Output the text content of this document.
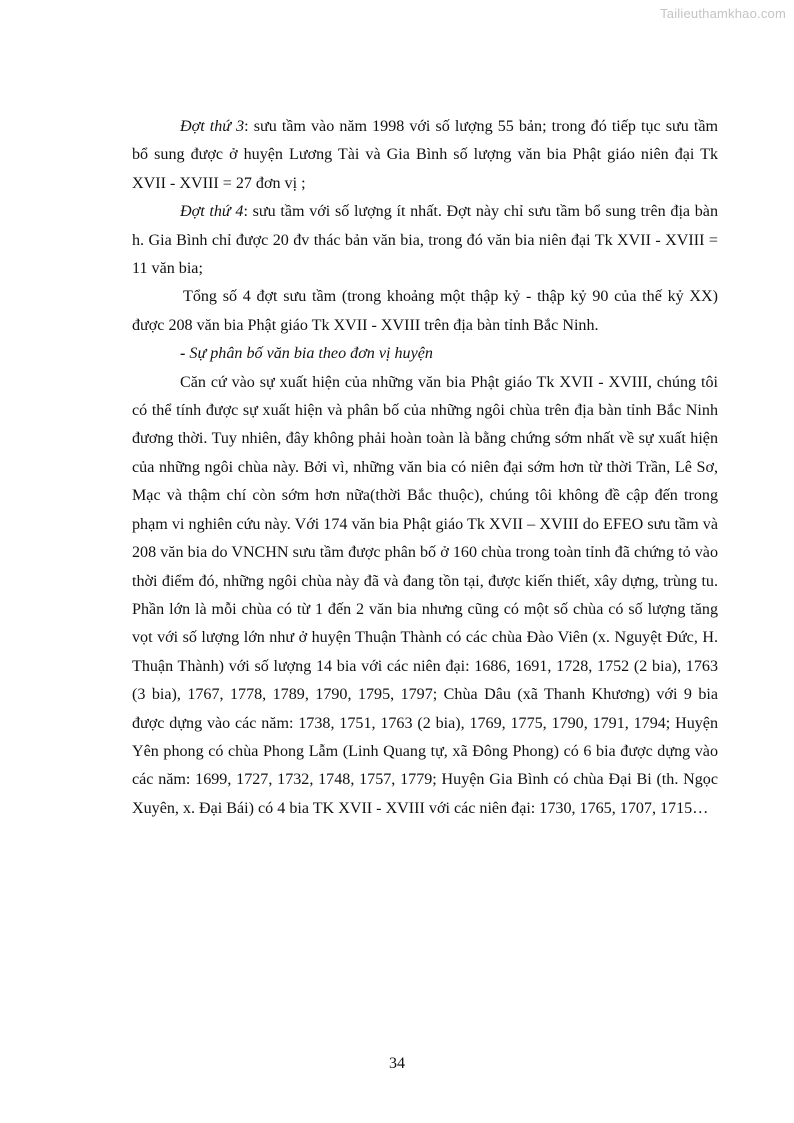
Tailieuthamkhao.com

Đợt thứ 3: sưu tầm vào năm 1998 với số lượng 55 bản; trong đó tiếp tục sưu tầm bổ sung được ở huyện Lương Tài và Gia Bình số lượng văn bia Phật giáo niên đại Tk XVII - XVIII = 27 đơn vị ;

Đợt thứ 4: sưu tầm với số lượng ít nhất. Đợt này chỉ sưu tầm bổ sung trên địa bàn h. Gia Bình chỉ được 20 đv thác bản văn bia, trong đó văn bia niên đại Tk XVII - XVIII = 11 văn bia;

Tổng số 4 đợt sưu tầm (trong khoảng một thập kỷ - thập kỷ 90 của thế kỷ XX) được 208 văn bia Phật giáo Tk XVII - XVIII trên địa bàn tỉnh Bắc Ninh.

- Sự phân bố văn bia theo đơn vị huyện

Căn cứ vào sự xuất hiện của những văn bia Phật giáo Tk XVII - XVIII, chúng tôi có thể tính được sự xuất hiện và phân bố của những ngôi chùa trên địa bàn tỉnh Bắc Ninh đương thời. Tuy nhiên, đây không phải hoàn toàn là bằng chứng sớm nhất về sự xuất hiện của những ngôi chùa này. Bởi vì, những văn bia có niên đại sớm hơn từ thời Trần, Lê Sơ, Mạc và thậm chí còn sớm hơn nữa(thời Bắc thuộc), chúng tôi không đề cập đến trong phạm vi nghiên cứu này. Với 174 văn bia Phật giáo Tk XVII – XVIII do EFEO sưu tầm và 208 văn bia do VNCHN sưu tầm được phân bố ở 160 chùa trong toàn tỉnh đã chứng tỏ vào thời điểm đó, những ngôi chùa này đã và đang tồn tại, được kiến thiết, xây dựng, trùng tu. Phần lớn là mỗi chùa có từ 1 đến 2 văn bia nhưng cũng có một số chùa có số lượng tăng vọt với số lượng lớn như ở huyện Thuận Thành có các chùa Đào Viên (x. Nguyệt Đức, H. Thuận Thành) với số lượng 14 bia với các niên đại: 1686, 1691, 1728, 1752 (2 bia), 1763 (3 bia), 1767, 1778, 1789, 1790, 1795, 1797; Chùa Dâu (xã Thanh Khương) với 9 bia được dựng vào các năm: 1738, 1751, 1763 (2 bia), 1769, 1775, 1790, 1791, 1794; Huyện Yên phong có chùa Phong Lẫm (Linh Quang tự, xã Đông Phong) có 6 bia được dựng vào các năm: 1699, 1727, 1732, 1748, 1757, 1779; Huyện Gia Bình có chùa Đại Bi (th. Ngọc Xuyên, x. Đại Bái) có 4 bia TK XVII - XVIII với các niên đại: 1730, 1765, 1707, 1715…

34
